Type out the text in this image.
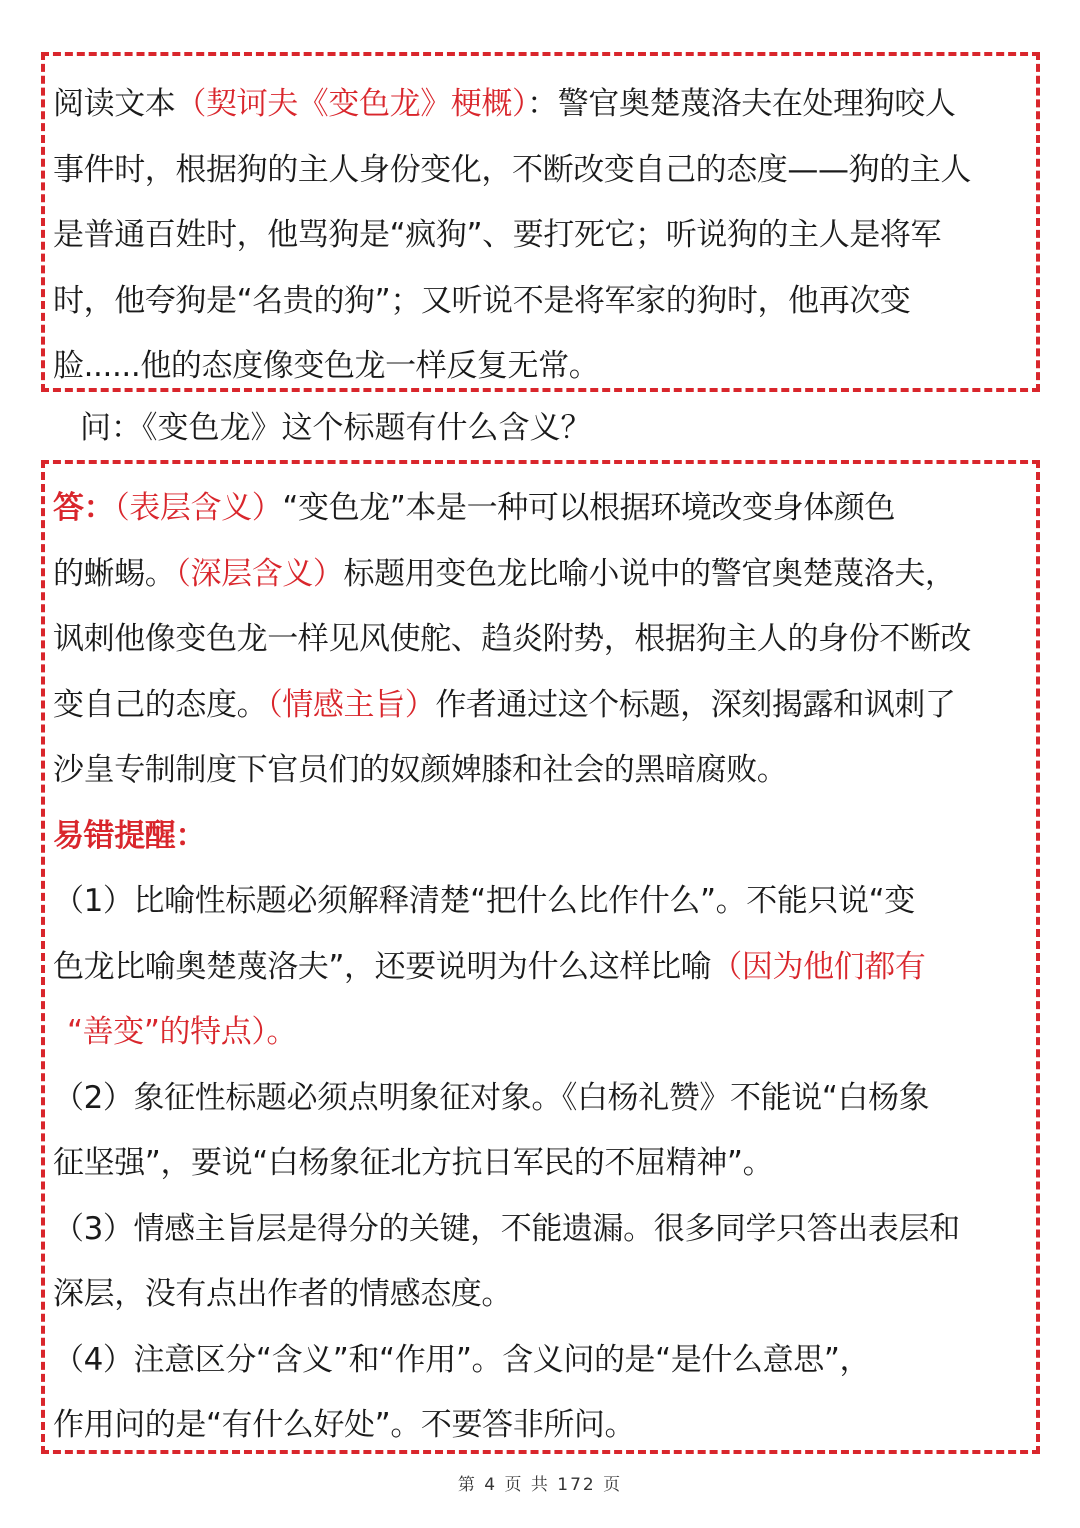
阅读文本（契诃夫《变色龙》梗概）：警官奥楚蔑洛夫在处理狗咬人
事件时，根据狗的主人身份变化，不断改变自己的态度——狗的主人
是普通百姓时，他骂狗是“疯狗”、要打死它；听说狗的主人是将军
时，他夸狗是“名贵的狗”；又听说不是将军家的狗时，他再次变
脸......他的态度像变色龙一样反复无常。
问：《变色龙》这个标题有什么含义？
答：（表层含义）“变色龙”本是一种可以根据环境改变身体颜色
的蜥蜴。（深层含义）标题用变色龙比喻小说中的警官奥楚蔑洛夫，
讽刺他像变色龙一样见风使舵、趋炎附势，根据狗主人的身份不断改
变自己的态度。（情感主旨）作者通过这个标题，深刻揭露和讽刺了
沙皇专制制度下官员们的奴颜婢膝和社会的黑暗腐败。
易错提醒：
（1）比喻性标题必须解释清楚“把什么比作什么”。不能只说“变
色龙比喻奥楚蔑洛夫”，还要说明为什么这样比喻（因为他们都有
“善变”的特点）。
（2）象征性标题必须点明象征对象。《白杨礼赞》不能说“白杨象
征坚强”，要说“白杨象征北方抗日军民的不屈精神”。
（3）情感主旨层是得分的关键，不能遗漏。很多同学只答出表层和
深层，没有点出作者的情感态度。
（4）注意区分“含义”和“作用”。含义问的是“是什么意思”，
作用问的是“有什么好处”。不要答非所问。
第 4 页 共 172 页
